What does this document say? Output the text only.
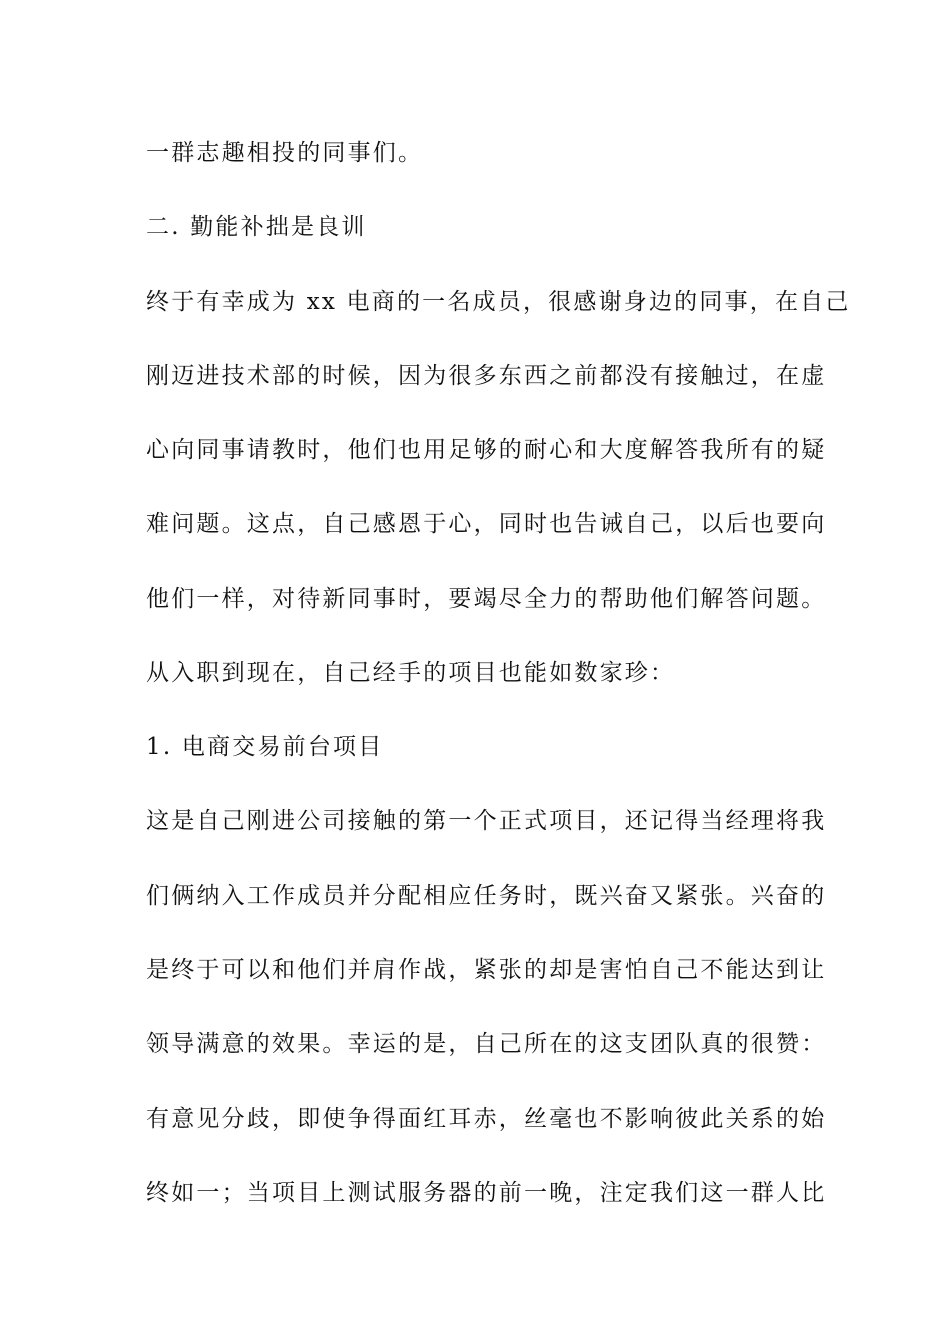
一群志趣相投的同事们。
二. 勤能补拙是良训
终于有幸成为 xx 电商的一名成员，很感谢身边的同事，在自己
刚迈进技术部的时候，因为很多东西之前都没有接触过，在虚
心向同事请教时，他们也用足够的耐心和大度解答我所有的疑
难问题。这点，自己感恩于心，同时也告诫自己，以后也要向
他们一样，对待新同事时，要竭尽全力的帮助他们解答问题。
从入职到现在，自己经手的项目也能如数家珍：
1. 电商交易前台项目
这是自己刚进公司接触的第一个正式项目，还记得当经理将我
们俩纳入工作成员并分配相应任务时，既兴奋又紧张。兴奋的
是终于可以和他们并肩作战，紧张的却是害怕自己不能达到让
领导满意的效果。幸运的是，自己所在的这支团队真的很赞：
有意见分歧，即使争得面红耳赤，丝毫也不影响彼此关系的始
终如一；当项目上测试服务器的前一晚，注定我们这一群人比
